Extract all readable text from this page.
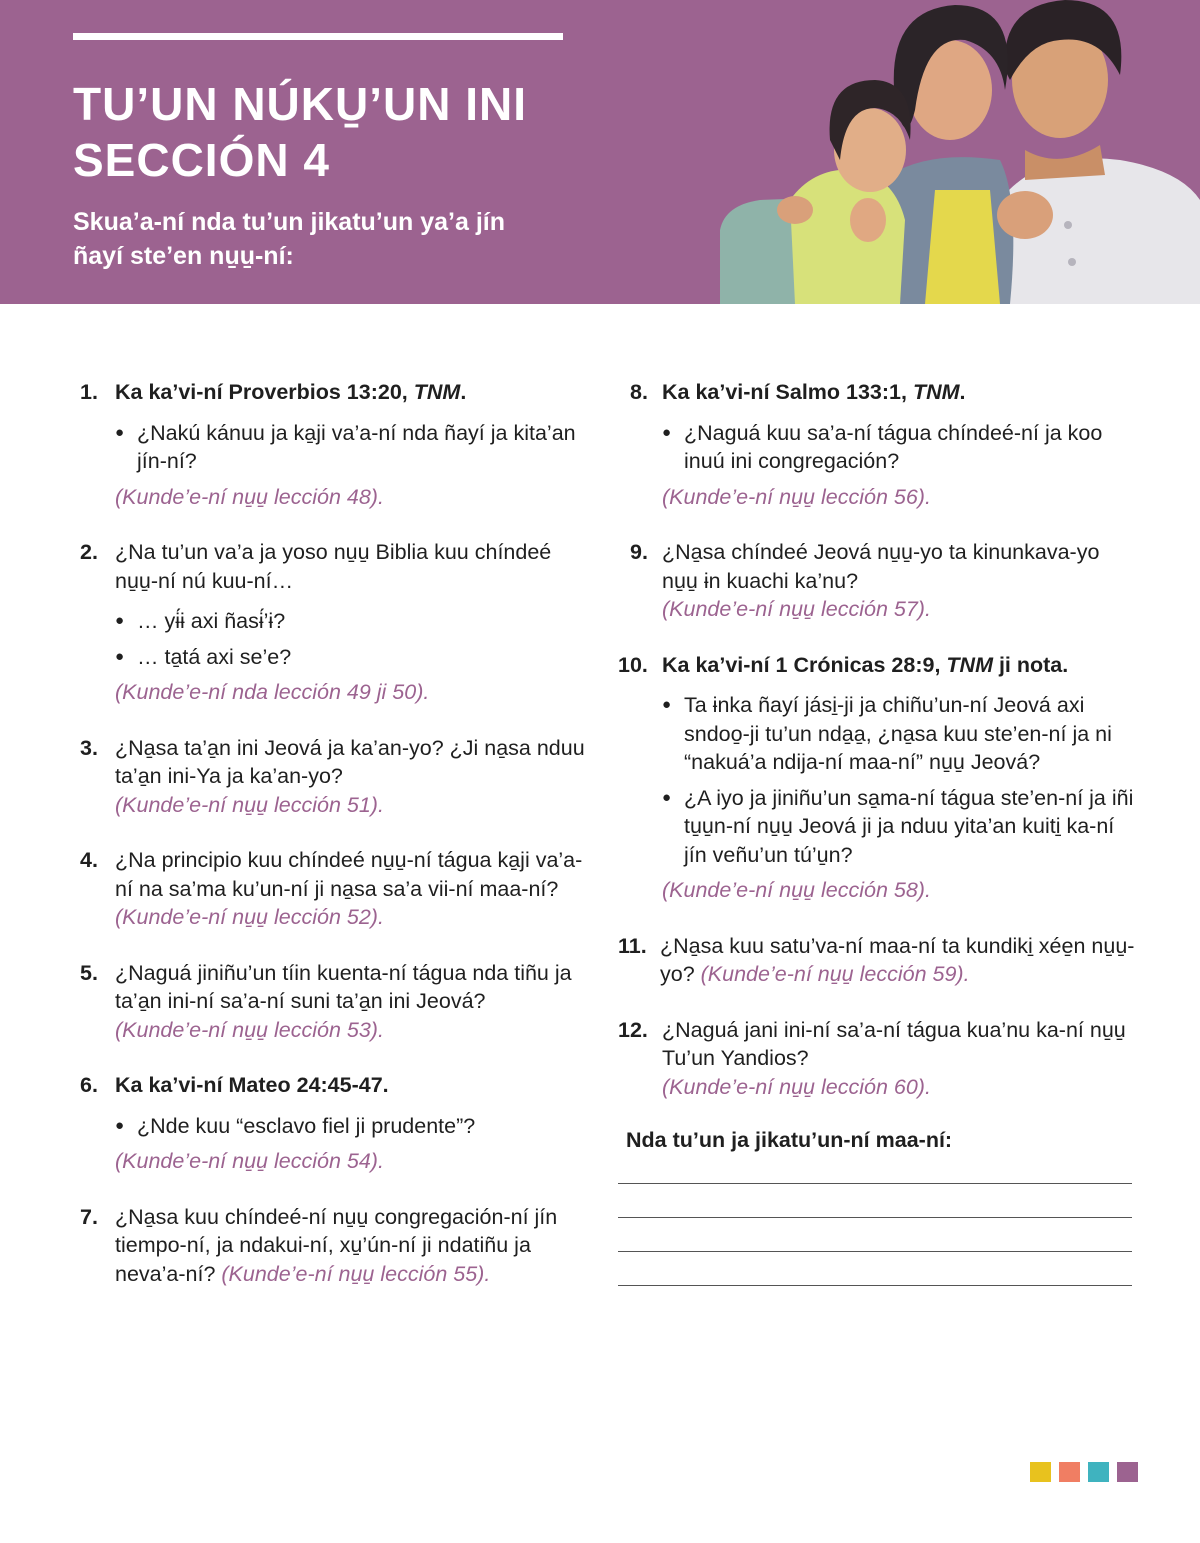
TU’UN NÚKU̱’UN INI
SECCIÓN 4
Skua’a-ní nda tu’un jikatu’un ya’a jín
ñayí ste’en nu̱u̱-ní:
1. Ka ka’vi-ní Proverbios 13:20, TNM.
● ¿Nakú kánuu ja ka̱ji va’a-ní nda ñayí ja kita’an jín-ní?
(Kunde’e-ní nu̱u̱ lección 48).
2. ¿Na tu’un va’a ja yoso nu̱u̱ Biblia kuu chíndeé nu̱u̱-ní nú kuu-ní…
● … yɨ́ɨ axi ñasɨ́’ɨ?
● … ta̱tá axi se’e?
(Kunde’e-ní nda lección 49 ji 50).
3. ¿Na̱sa ta’a̱n ini Jeová ja ka’an-yo? ¿Ji na̱sa nduu ta’a̱n ini-Ya ja ka’an-yo?
(Kunde’e-ní nu̱u̱ lección 51).
4. ¿Na principio kuu chíndeé nu̱u̱-ní tágua ka̱ji va’a-ní na sa’ma ku’un-ní ji na̱sa sa’a vii-ní maa-ní? (Kunde’e-ní nu̱u̱ lección 52).
5. ¿Naguá jiniñu’un tíin kuenta-ní tágua nda tiñu ja ta’a̱n ini-ní sa’a-ní suni ta’a̱n ini Jeová?
(Kunde’e-ní nu̱u̱ lección 53).
6. Ka ka’vi-ní Mateo 24:45-47.
● ¿Nde kuu “esclavo fiel ji prudente”?
(Kunde’e-ní nu̱u̱ lección 54).
7. ¿Na̱sa kuu chíndeé-ní nu̱u̱ congregación-ní jín tiempo-ní, ja ndakui-ní, xu̱’ún-ní ji ndatiñu ja neva’a-ní? (Kunde’e-ní nu̱u̱ lección 55).
8. Ka ka’vi-ní Salmo 133:1, TNM.
● ¿Naguá kuu sa’a-ní tágua chíndeé-ní ja koo inuú ini congregación?
(Kunde’e-ní nu̱u̱ lección 56).
9. ¿Na̱sa chíndeé Jeová nu̱u̱-yo ta kinunkava-yo nu̱u̱ ɨn kuachi ka’nu?
(Kunde’e-ní nu̱u̱ lección 57).
10. Ka ka’vi-ní 1 Crónicas 28:9, TNM ji nota.
● Ta ɨnka ñayí jási̱-ji ja chiñu’un-ní Jeová axi sndoo̱-ji tu’un nda̱a̱, ¿na̱sa kuu ste’en-ní ja ni “nakuá’a ndija-ní maa-ní” nu̱u̱ Jeová?
● ¿A iyo ja jiniñu’un sa̱ma-ní tágua ste’en-ní ja iñi tu̱u̱n-ní nu̱u̱ Jeová ji ja nduu yita’an kuiti̱ ka-ní jín veñu’un tú’u̱n?
(Kunde’e-ní nu̱u̱ lección 58).
11. ¿Na̱sa kuu satu’va-ní maa-ní ta kundiki̱ xée̱n nu̱u̱-yo? (Kunde’e-ní nu̱u̱ lección 59).
12. ¿Naguá jani ini-ní sa’a-ní tágua kua’nu ka-ní nu̱u̱ Tu’un Yandios?
(Kunde’e-ní nu̱u̱ lección 60).
Nda tu’un ja jikatu’un-ní maa-ní:
